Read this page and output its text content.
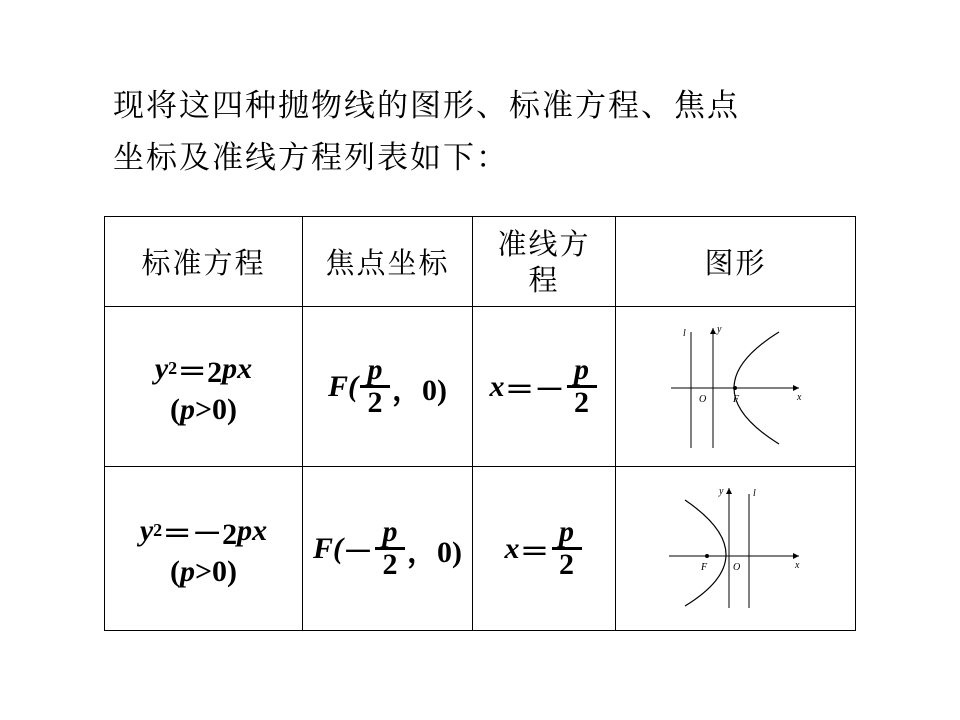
现将这四种抛物线的图形、标准方程、焦点
坐标及准线方程列表如下：
标准方程	焦点坐标	准线方程	图形

y 2 ＝2 px
(p>0)	$F( \frac{p}{2}$ ，0)	$x =- \frac{p}{2}$	l y
O F x

y 2 ＝－2 px
(p>0)	$F( - \frac{p}{2}$ ，0)	$x = \frac{p}{2}$	l
y
O
F x
